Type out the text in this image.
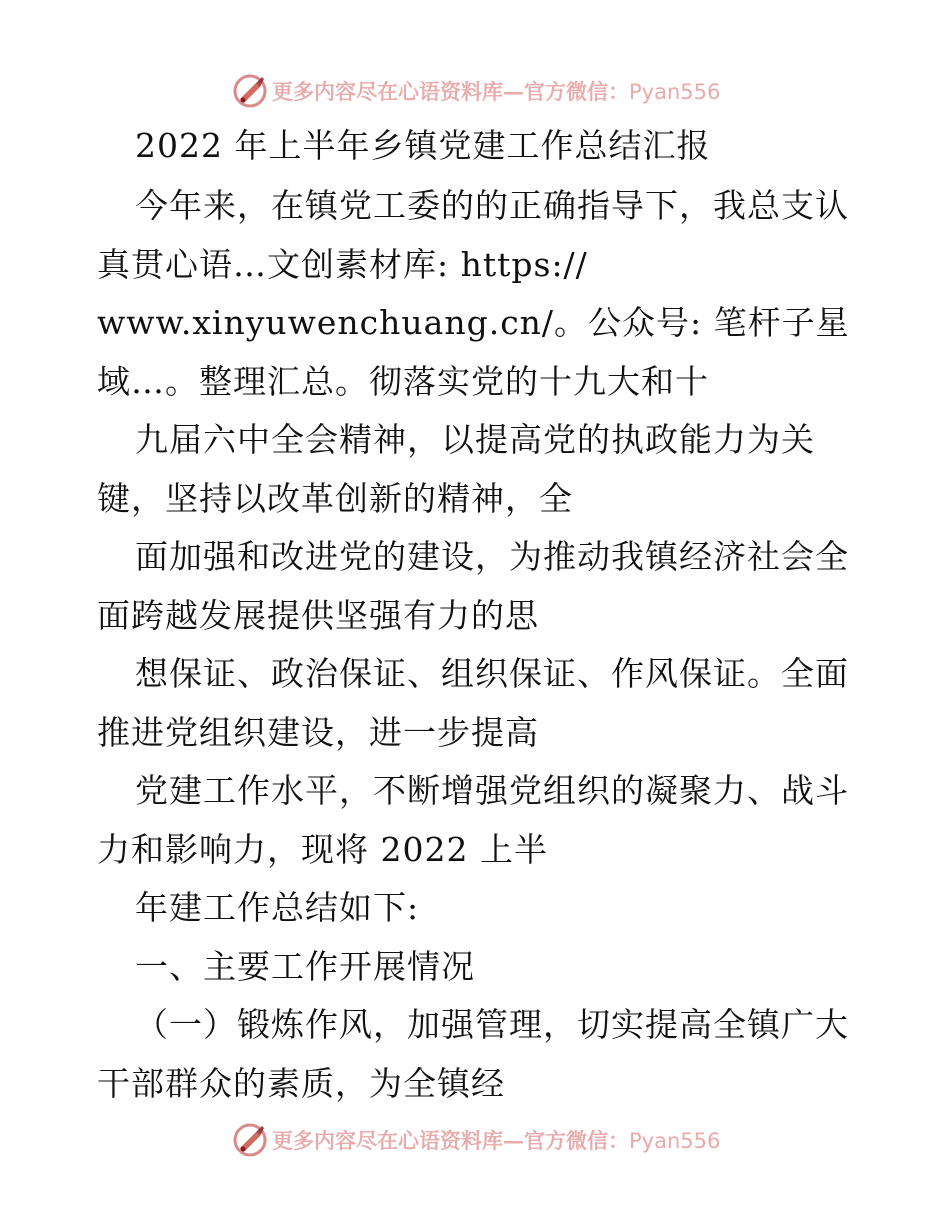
更多内容尽在心语资料库—官方微信：Pyan556
2022 年上半年乡镇党建工作总结汇报
今年来，在镇党工委的的正确指导下，我总支认
真贯心语…文创素材库: https://
www.xinyuwenchuang.cn/。公众号: 笔杆子星
域…。整理汇总。彻落实党的十九大和十
九届六中全会精神，以提高党的执政能力为关
键，坚持以改革创新的精神，全
面加强和改进党的建设，为推动我镇经济社会全
面跨越发展提供坚强有力的思
想保证、政治保证、组织保证、作风保证。全面
推进党组织建设，进一步提高
党建工作水平，不断增强党组织的凝聚力、战斗
力和影响力，现将 2022 上半
年建工作总结如下:
一、主要工作开展情况
（一）锻炼作风，加强管理，切实提高全镇广大
干部群众的素质，为全镇经
更多内容尽在心语资料库—官方微信：Pyan556
